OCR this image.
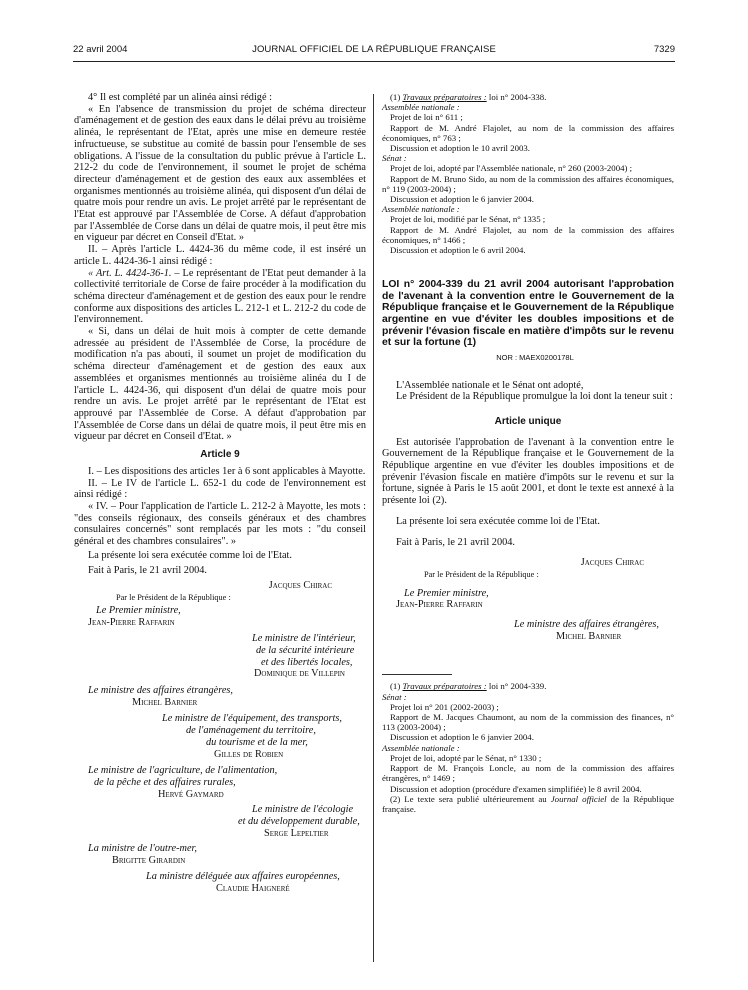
22 avril 2004	JOURNAL OFFICIEL DE LA RÉPUBLIQUE FRANÇAISE	7329

4° Il est complété par un alinéa ainsi rédigé :

« En l'absence de transmission du projet de schéma directeur d'aménagement et de gestion des eaux dans le délai prévu au troisième alinéa, le représentant de l'Etat, après une mise en demeure restée infructueuse, se substitue au comité de bassin pour l'ensemble de ses obligations. A l'issue de la consultation du public prévue à l'article L. 212-2 du code de l'environnement, il soumet le projet de schéma directeur d'aménagement et de gestion des eaux aux assemblées et organismes mentionnés au troisième alinéa, qui disposent d'un délai de quatre mois pour rendre un avis. Le projet arrêté par le représentant de l'Etat est approuvé par l'Assemblée de Corse. A défaut d'approbation par l'Assemblée de Corse dans un délai de quatre mois, il peut être mis en vigueur par décret en Conseil d'Etat. »

II. – Après l'article L. 4424-36 du même code, il est inséré un article L. 4424-36-1 ainsi rédigé :

« Art. L. 4424-36-1. – Le représentant de l'Etat peut demander à la collectivité territoriale de Corse de faire procéder à la modification du schéma directeur d'aménagement et de gestion des eaux pour le rendre conforme aux dispositions des articles L. 212-1 et L. 212-2 du code de l'environnement.

« Si, dans un délai de huit mois à compter de cette demande adressée au président de l'Assemblée de Corse, la procédure de modification n'a pas abouti, il soumet un projet de modification du schéma directeur d'aménagement et de gestion des eaux aux assemblées et organismes mentionnés au troisième alinéa du I de l'article L. 4424-36, qui disposent d'un délai de quatre mois pour rendre un avis. Le projet arrêté par le représentant de l'Etat est approuvé par l'Assemblée de Corse. A défaut d'approbation par l'Assemblée de Corse dans un délai de quatre mois, il peut être mis en vigueur par décret en Conseil d'Etat. »

Article 9

I. – Les dispositions des articles 1er à 6 sont applicables à Mayotte.

II. – Le IV de l'article L. 652-1 du code de l'environnement est ainsi rédigé :

« IV. – Pour l'application de l'article L. 212-2 à Mayotte, les mots : "des conseils régionaux, des conseils généraux et des chambres consulaires concernés" sont remplacés par les mots : "du conseil général et des chambres consulaires". »

La présente loi sera exécutée comme loi de l'Etat.

Fait à Paris, le 21 avril 2004.

Jacques Chirac

Par le Président de la République :

Le Premier ministre,

Jean-Pierre Raffarin

Le ministre de l'intérieur,

de la sécurité intérieure

et des libertés locales,

Dominique de Villepin

Le ministre des affaires étrangères,

Michel Barnier

Le ministre de l'équipement, des transports,

de l'aménagement du territoire,

du tourisme et de la mer,

Gilles de Robien

Le ministre de l'agriculture, de l'alimentation,

de la pêche et des affaires rurales,

Hervé Gaymard

Le ministre de l'écologie

et du développement durable,

Serge Lepeltier

La ministre de l'outre-mer,

Brigitte Girardin

La ministre déléguée aux affaires européennes,

Claudie Haigneré

(1) Travaux préparatoires : loi n° 2004-338.

Assemblée nationale :

Projet de loi n° 611 ;

Rapport de M. André Flajolet, au nom de la commission des affaires économiques, n° 763 ;

Discussion et adoption le 10 avril 2003.

Sénat :

Projet de loi, adopté par l'Assemblée nationale, n° 260 (2003-2004) ;

Rapport de M. Bruno Sido, au nom de la commission des affaires économiques, n° 119 (2003-2004) ;

Discussion et adoption le 6 janvier 2004.

Assemblée nationale :

Projet de loi, modifié par le Sénat, n° 1335 ;

Rapport de M. André Flajolet, au nom de la commission des affaires économiques, n° 1466 ;

Discussion et adoption le 6 avril 2004.

LOI n° 2004-339 du 21 avril 2004 autorisant l'approbation de l'avenant à la convention entre le Gouvernement de la République française et le Gouvernement de la République argentine en vue d'éviter les doubles impositions et de prévenir l'évasion fiscale en matière d'impôts sur le revenu et sur la fortune (1)

NOR : MAEX0200178L

L'Assemblée nationale et le Sénat ont adopté,

Le Président de la République promulgue la loi dont la teneur suit :

Article unique

Est autorisée l'approbation de l'avenant à la convention entre le Gouvernement de la République française et le Gouvernement de la République argentine en vue d'éviter les doubles impositions et de prévenir l'évasion fiscale en matière d'impôts sur le revenu et sur la fortune, signée à Paris le 15 août 2001, et dont le texte est annexé à la présente loi (2).

La présente loi sera exécutée comme loi de l'Etat.

Fait à Paris, le 21 avril 2004.

Jacques Chirac

Par le Président de la République :

Le Premier ministre,

Jean-Pierre Raffarin

Le ministre des affaires étrangères,

Michel Barnier

(1) Travaux préparatoires : loi n° 2004-339.

Sénat :

Projet loi n° 201 (2002-2003) ;

Rapport de M. Jacques Chaumont, au nom de la commission des finances, n° 113 (2003-2004) ;

Discussion et adoption le 6 janvier 2004.

Assemblée nationale :

Projet de loi, adopté par le Sénat, n° 1330 ;

Rapport de M. François Loncle, au nom de la commission des affaires étrangères, n° 1469 ;

Discussion et adoption (procédure d'examen simplifiée) le 8 avril 2004.

(2) Le texte sera publié ultérieurement au Journal officiel de la République française.
